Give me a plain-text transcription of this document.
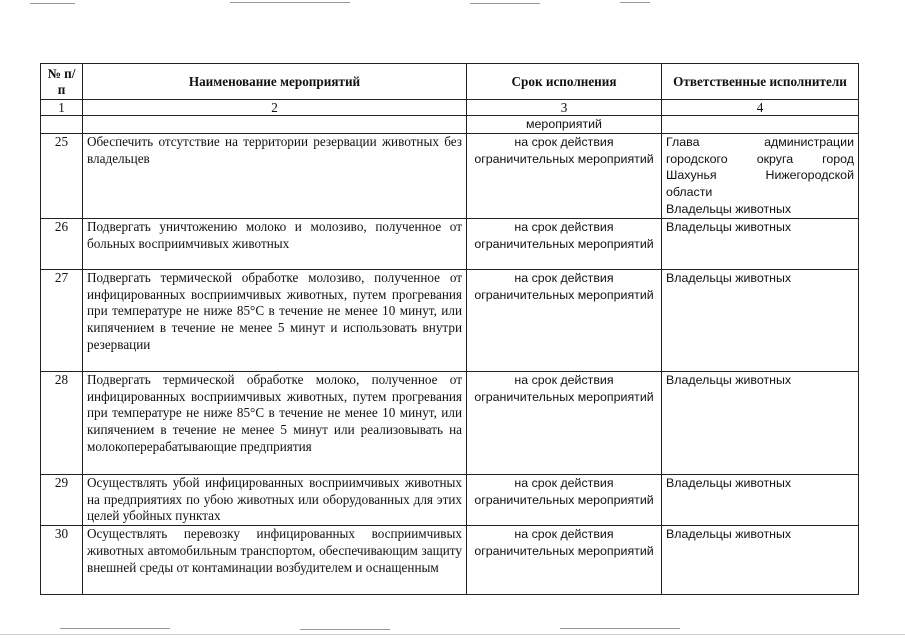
№ п/п	Наименование мероприятий	Срок исполнения	Ответственные исполнители
1	2	3	4
		мероприятий	
25	Обеспечить отсутствие на территории резервации животных без владельцев	на срок действия ограничительных мероприятий	Глава администрации городского округа город Шахунья Нижегородской
области
Владельцы животных

26	Подвергать уничтожению молоко и молозиво, полученное от больных восприимчивых животных	на срок действия ограничительных мероприятий	Владельцы животных

27	Подвергать термической обработке молозиво, полученное от инфицированных восприимчивых животных, путем прогревания при температуре не ниже 85°С в течение не менее 10 минут, или кипячением в течение не менее 5 минут и использовать внутри резервации	на срок действия ограничительных мероприятий	Владельцы животных

28	Подвергать термической обработке молоко, полученное от инфицированных восприимчивых животных, путем прогревания при температуре не ниже 85°С в течение не менее 10 минут, или кипячением в течение не менее 5 минут или реализовывать на молокоперерабатывающие предприятия	на срок действия ограничительных мероприятий	Владельцы животных

29	Осуществлять убой инфицированных восприимчивых животных на предприятиях по убою животных или оборудованных для этих целей убойных пунктах	на срок действия ограничительных мероприятий	Владельцы животных

30	Осуществлять перевозку инфицированных восприимчивых животных автомобильным транспортом, обеспечивающим защиту внешней среды от контаминации возбудителем и оснащенным	на срок действия ограничительных мероприятий	Владельцы животных
